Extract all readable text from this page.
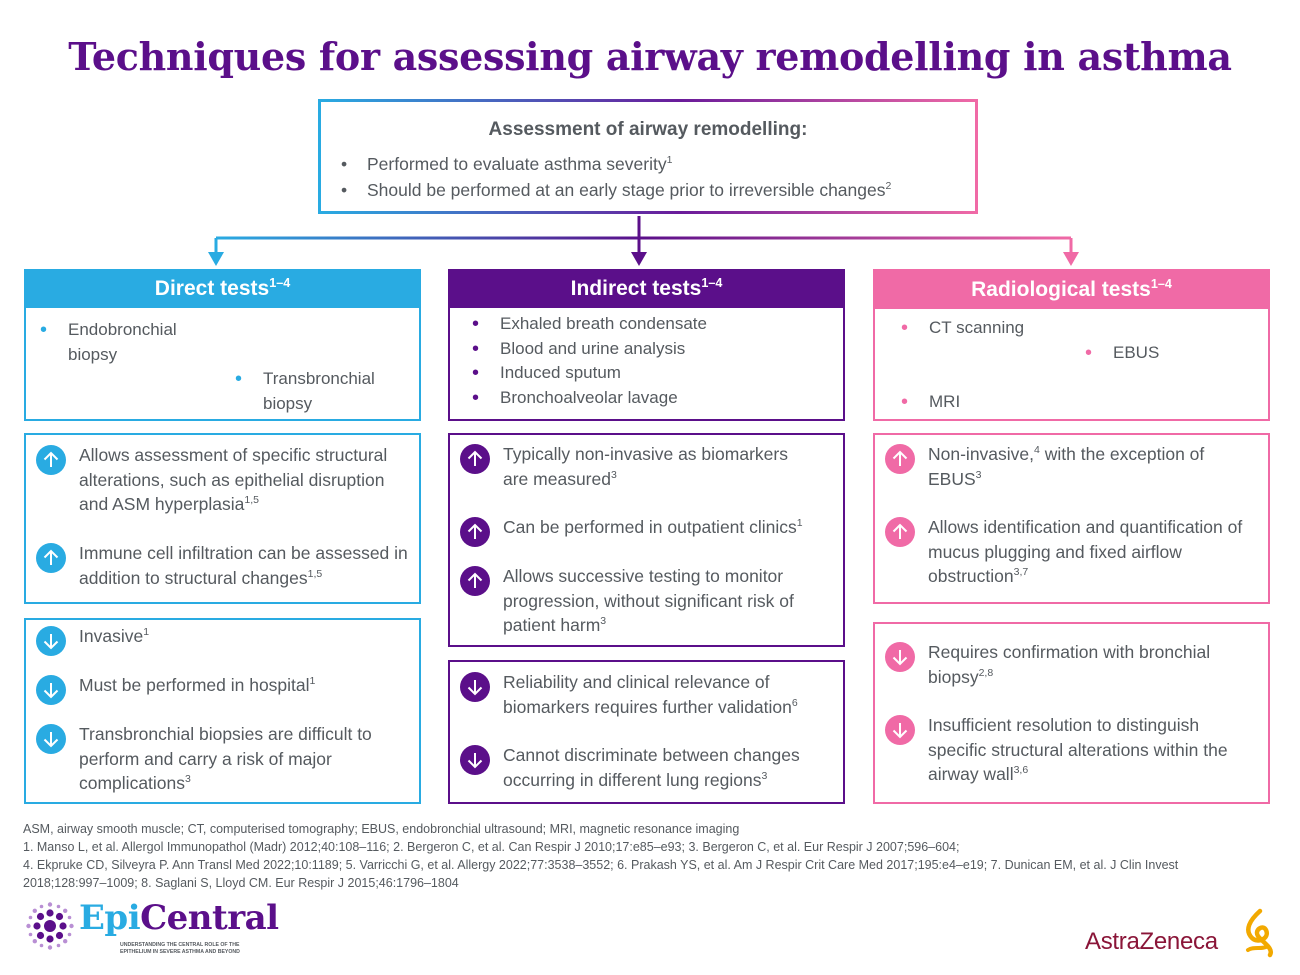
Techniques for assessing airway remodelling in asthma
Assessment of airway remodelling:
• Performed to evaluate asthma severity$^1$
• Should be performed at an early stage prior to irreversible changes$^2$
Direct tests$^{1-4}$
• Endobronchial biopsy
• Transbronchial biopsy
Allows assessment of specific structural alterations, such as epithelial disruption and ASM hyperplasia$^{1,5}$
Immune cell infiltration can be assessed in addition to structural changes$^{1,5}$
Invasive$^1$
Must be performed in hospital$^1$
Transbronchial biopsies are difficult to perform and carry a risk of major complications$^3$
Indirect tests$^{1-4}$
• Exhaled breath condensate
• Blood and urine analysis
• Induced sputum
• Bronchoalveolar lavage
Typically non-invasive as biomarkers are measured$^3$
Can be performed in outpatient clinics$^1$
Allows successive testing to monitor progression, without significant risk of patient harm$^3$
Reliability and clinical relevance of biomarkers requires further validation$^6$
Cannot discriminate between changes occurring in different lung regions$^3$
Radiological tests$^{1-4}$
• CT scanning
• EBUS
• MRI
Non-invasive,$^4$ with the exception of EBUS$^3$
Allows identification and quantification of mucus plugging and fixed airflow obstruction$^{3,7}$
Requires confirmation with bronchial biopsy$^{2,8}$
Insufficient resolution to distinguish specific structural alterations within the airway wall$^{3,6}$
ASM, airway smooth muscle; CT, computerised tomography; EBUS, endobronchial ultrasound; MRI, magnetic resonance imaging
1. Manso L, et al. Allergol Immunopathol (Madr) 2012;40:108–116; 2. Bergeron C, et al. Can Respir J 2010;17:e85–e93; 3. Bergeron C, et al. Eur Respir J 2007;596–604;
4. Ekpruke CD, Silveyra P. Ann Transl Med 2022;10:1189; 5. Varricchi G, et al. Allergy 2022;77:3538–3552; 6. Prakash YS, et al. Am J Respir Crit Care Med 2017;195:e4–e19; 7. Dunican EM, et al. J Clin Invest
2018;128:997–1009; 8. Saglani S, Lloyd CM. Eur Respir J 2015;46:1796–1804
EpiCentral
UNDERSTANDING THE CENTRAL ROLE OF THE
EPITHELIUM IN SEVERE ASTHMA AND BEYOND	AstraZeneca
